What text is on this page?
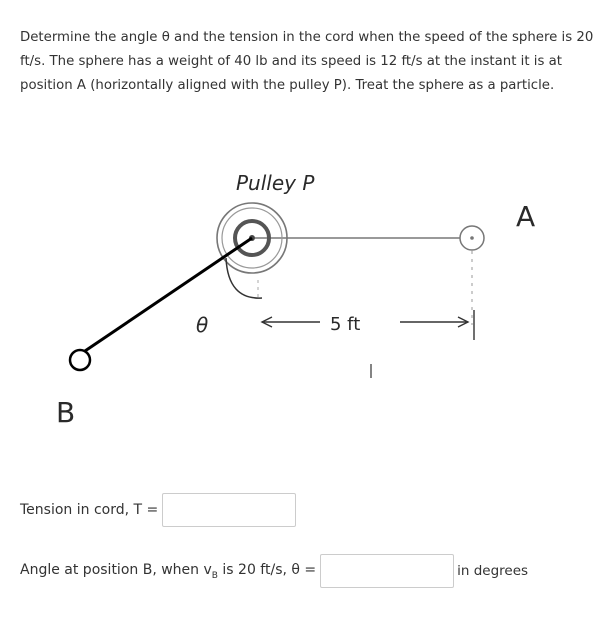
Determine the angle θ and the tension in the cord when the speed of the sphere is 20 ft/s. The sphere has a weight of 40 lb and its speed is 12 ft/s at the instant it is at position A (horizontally aligned with the pulley P). Treat the sphere as a particle.

Pulley P
A
B
θ	5 ft
Tension in cord, T =
Angle at position B, when $v_B$ is 20 ft/s, θ =	in degrees
